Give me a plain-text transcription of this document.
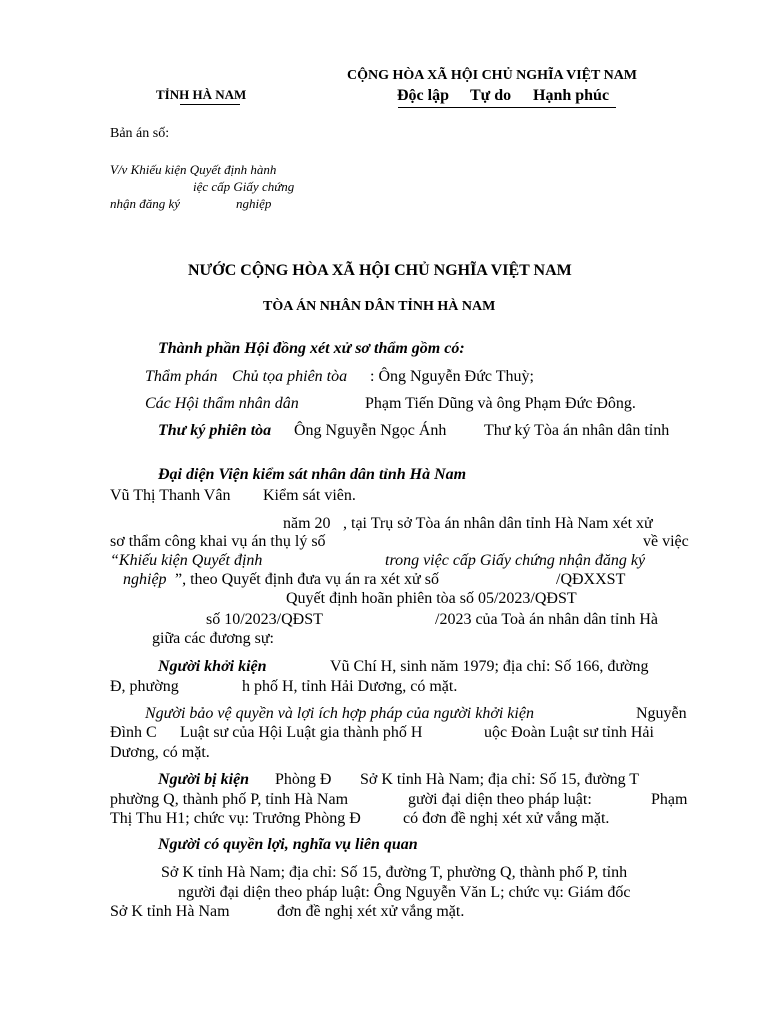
TỈNH HÀ NAM
CỘNG HÒA XÃ HỘI CHỦ NGHĨA VIỆT NAM
Độc lập Tự do Hạnh phúc
Bản án số:
V/v Khiếu kiện Quyết định hành
iệc cấp Giấy chứng
nhận đăng ký	nghiệp
NƯỚC CỘNG HÒA XÃ HỘI CHỦ NGHĨA VIỆT NAM
TÒA ÁN NHÂN DÂN TỈNH HÀ NAM
Thành phần Hội đồng xét xử sơ thẩm gồm có:
Thẩm phán Chủ tọa phiên tòa : Ông Nguyễn Đức Thuỳ;
Các Hội thẩm nhân dân	Phạm Tiến Dũng và ông Phạm Đức Đông.
Thư ký phiên tòa Ông Nguyễn Ngọc Ánh Thư ký Tòa án nhân dân tỉnh
Đại diện Viện kiểm sát nhân dân tỉnh Hà Nam
Vũ Thị Thanh Vân Kiểm sát viên.
năm 20 , tại Trụ sở Tòa án nhân dân tỉnh Hà Nam xét xử
sơ thẩm công khai vụ án thụ lý số	về việc
“Khiếu kiện Quyết định	trong việc cấp Giấy chứng nhận đăng ký
nghiệp ”, theo Quyết định đưa vụ án ra xét xử số	/QĐXXST
Quyết định hoãn phiên tòa số 05/2023/QĐST
số 10/2023/QĐST	/2023 của Toà án nhân dân tỉnh Hà
giữa các đương sự:
Người khởi kiện	Vũ Chí H, sinh năm 1979; địa chỉ: Số 166, đường
Đ, phường	h phố H, tỉnh Hải Dương, có mặt.
Người bảo vệ quyền và lợi ích hợp pháp của người khởi kiện	Nguyễn
Đình C Luật sư của Hội Luật gia thành phố H	uộc Đoàn Luật sư tỉnh Hải
Dương, có mặt.
Người bị kiện Phòng Đ Sở K tỉnh Hà Nam; địa chỉ: Số 15, đường T
phường Q, thành phố P, tỉnh Hà Nam	gười đại diện theo pháp luật:	Phạm
Thị Thu H1; chức vụ: Trưởng Phòng Đ	có đơn đề nghị xét xử vắng mặt.
Người có quyền lợi, nghĩa vụ liên quan
Sở K tỉnh Hà Nam; địa chỉ: Số 15, đường T, phường Q, thành phố P, tỉnh
người đại diện theo pháp luật: Ông Nguyễn Văn L; chức vụ: Giám đốc
Sở K tỉnh Hà Nam	đơn đề nghị xét xử vắng mặt.
